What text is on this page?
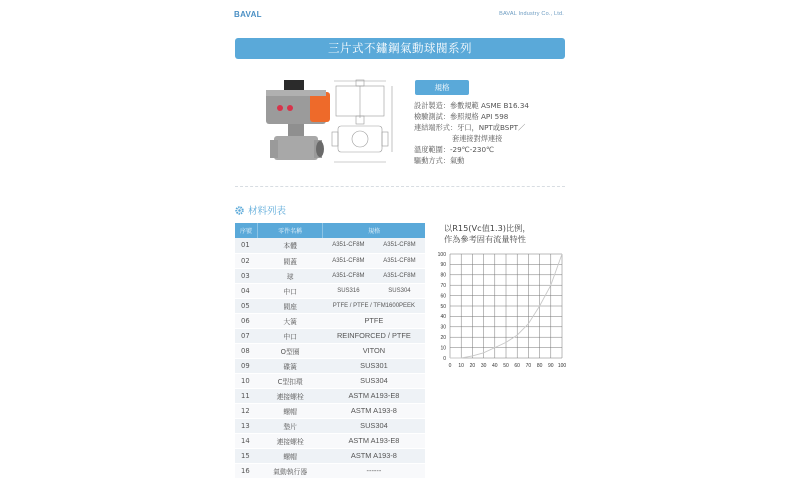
BAVAL	BAVAL Industry Co., Ltd.
三片式不鏽鋼氣動球閥系列
規格
設計製造：參數規範 ASME B16.34
檢驗測試：參照規格 API 598
連結端形式：牙口，NPT或BSPT／
套連接對焊連接
溫度範圍：-29℃-230℃
驅動方式：氣動
材料列表
序號	零件名稱	規格	
01	本體	A351-CF8M	A351-CF8M
02	閥蓋	A351-CF8M	A351-CF8M
03	球	A351-CF8M	A351-CF8M
04	中口	SUS316	SUS304
05	閥座	PTFE / PTFE / TFM1600PEEK	
06	大簧	PTFE	
07	中口	REINFORCED / PTFE	
08	O型圈	VITON	
09	碟簧	SUS301	
10	C型扣環	SUS304	
11	連接螺栓	ASTM A193-E8	
12	螺帽	ASTM A193-8	
13	墊片	SUS304	
14	連接螺栓	ASTM A193-E8	
15	螺帽	ASTM A193-8	
16	氣動執行器	------	
以R15(Vc值1.3)比例，
作為參考固有流量特性
0
10
20
30
40
50
60
70
80
90
100
0 10 20 30 40 50 60 70 80 90 100
